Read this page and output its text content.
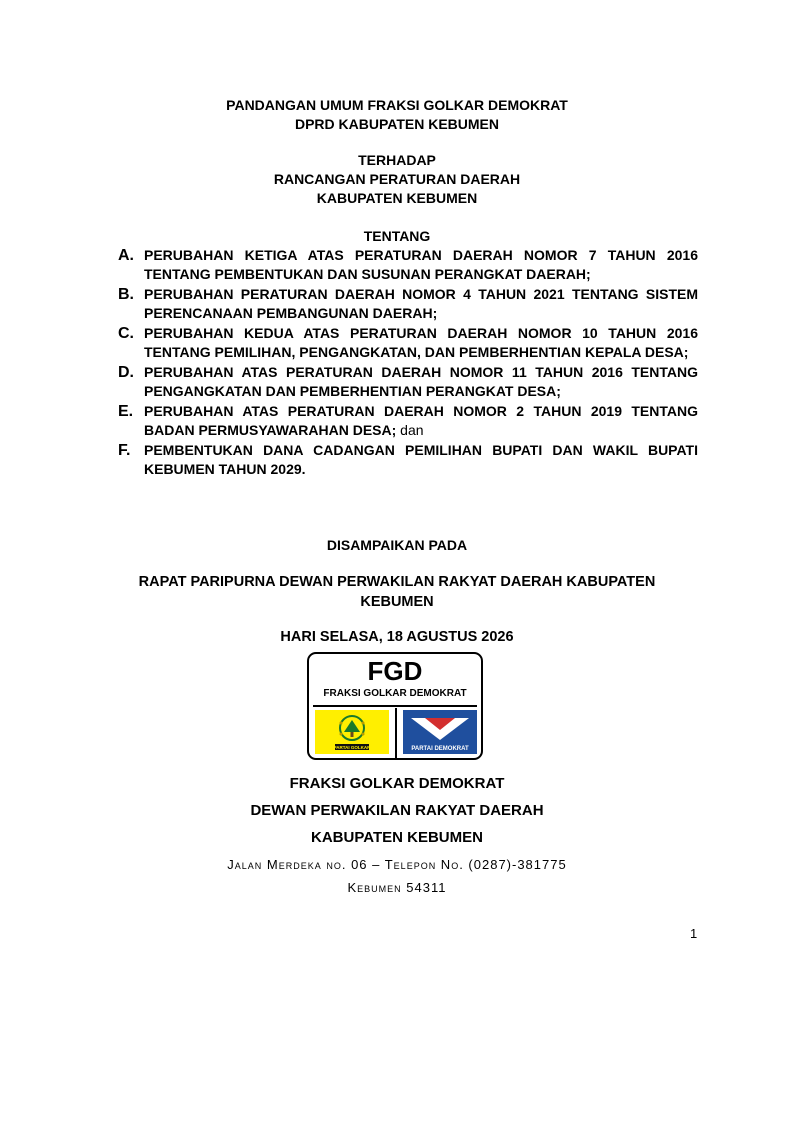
PANDANGAN UMUM FRAKSI GOLKAR DEMOKRAT
DPRD KABUPATEN KEBUMEN
TERHADAP
RANCANGAN PERATURAN DAERAH
KABUPATEN KEBUMEN
TENTANG
A. PERUBAHAN KETIGA ATAS PERATURAN DAERAH NOMOR 7 TAHUN 2016 TENTANG PEMBENTUKAN DAN SUSUNAN PERANGKAT DAERAH;
B. PERUBAHAN PERATURAN DAERAH NOMOR 4 TAHUN 2021 TENTANG SISTEM PERENCANAAN PEMBANGUNAN DAERAH;
C. PERUBAHAN KEDUA ATAS PERATURAN DAERAH NOMOR 10 TAHUN 2016 TENTANG PEMILIHAN, PENGANGKATAN, DAN PEMBERHENTIAN KEPALA DESA;
D. PERUBAHAN ATAS PERATURAN DAERAH NOMOR 11 TAHUN 2016 TENTANG PENGANGKATAN DAN PEMBERHENTIAN PERANGKAT DESA;
E. PERUBAHAN ATAS PERATURAN DAERAH NOMOR 2 TAHUN 2019 TENTANG BADAN PERMUSYAWARAHAN DESA; dan
F. PEMBENTUKAN DANA CADANGAN PEMILIHAN BUPATI DAN WAKIL BUPATI KEBUMEN TAHUN 2029.
DISAMPAIKAN PADA
RAPAT PARIPURNA DEWAN PERWAKILAN RAKYAT DAERAH KABUPATEN
KEBUMEN
HARI SELASA, 18 AGUSTUS 2026
FGD
FRAKSI GOLKAR DEMOKRAT
PARTAI GOLKAR	PARTAI DEMOKRAT
FRAKSI GOLKAR DEMOKRAT
DEWAN PERWAKILAN RAKYAT DAERAH
KABUPATEN KEBUMEN
Jalan Merdeka no. 06 – Telepon No. (0287)-381775
Kebumen 54311
1
